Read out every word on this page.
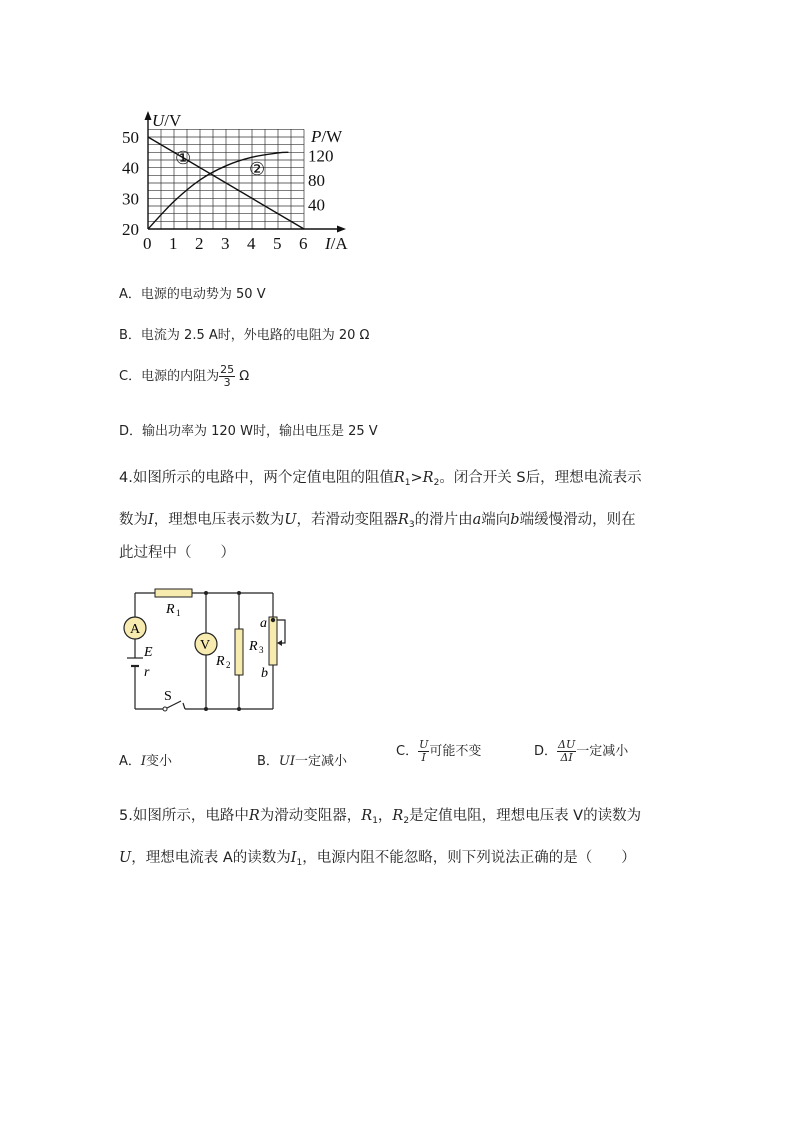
①
②
0 1 2 3 4 5 6
20
30
40
50
40
80
120
U/V
P/W
I/A
A．电源的电动势为 50 V
B．电流为 2.5 A时，外电路的电阻为 20 Ω
C．电源的内阻为 $\frac{25}{3}$ Ω
D．输出功率为 120 W时，输出电压是 25 V
4.如图所示的电路中，两个定值电阻的阻值$R_1>R_2$。闭合开关 S后，理想电流表示
数为I，理想电压表示数为U，若滑动变阻器$R_3$的滑片由a端向b端缓慢滑动，则在
此过程中（　　）
A
V
R 1
R 2
R 3
a
b
E
r
S
A．I变小	B．UI一定减小
C． $\frac{U}{I}$ 可能不变	D． $\frac{\Delta U}{\Delta I}$ 一定减小
5.如图所示，电路中R为滑动变阻器，$R_1$，$R_2$是定值电阻，理想电压表 V的读数为
U，理想电流表 A的读数为$I_1$，电源内阻不能忽略，则下列说法正确的是（　　）
